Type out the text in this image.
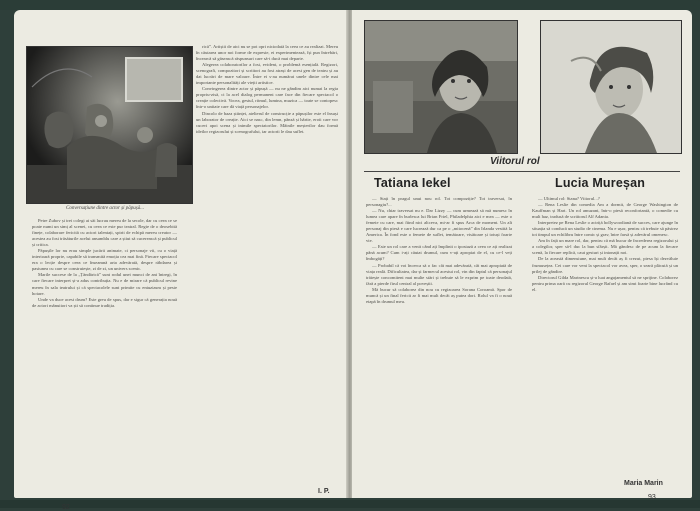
Conversațiune dintre actor și păpușă...

Petre Zubov și trei colegi ai săi lucrau mereu de la secole, dar cu ceea ce se poate numi un simț al scenei, cu ceea ce este pur teatral. Regie de o deosebită finețe, colaborare fericită cu actori talentați, spirit de echipă mereu creator — acestea au fost trăsăturile acelui ansamblu care a știut să cucerească și publicul și critica.

Păpușile lor nu erau simple jucării animate, ci personaje vii, cu o viață interioară proprie, capabile să transmită emoția cea mai fină. Fiecare spectacol era o lecție despre ceea ce înseamnă arta adevărată, despre răbdarea și pasiunea cu care se construiește, zi de zi, un univers scenic.

Marile succese de la „Țăndărică” sunt rodul unei munci de ani întregi, în care fiecare interpret și-a adus contribuția. Nu e de mirare că publicul revine mereu în sala teatrului și că spectacolele sunt primite cu entuziasm și peste hotare.

Unde va duce acest drum? Este greu de spus, dar e sigur că generația nouă de actori mânuitori va ști să continue tradiția.

rică”. Artiștii de aici nu se pot opri niciodată la ceea ce au realizat. Mereu în căutarea unor noi forme de expresie, ei experimentează, își pun întrebări, încearcă să găsească răspunsuri care să-i ducă mai departe.

Alegerea colaboratorilor a fost, evident, o problemă esențială. Regizori, scenografi, compozitori și scriitori au fost atrași de acest gen de teatru și au dat lucrări de mare valoare. Între ei s-au numărat unele dintre cele mai importante personalități ale vieții artistice.

Convingerea dintre actor și păpușă — nu ne gândim aici numai la regia propriu-zisă, ci la acel dialog permanent care face din fiecare spectacol o creație colectivă. Vocea, gestul, ritmul, lumina, muzica — toate se contopesc într-o unitate care dă viață personajelor.

Dincolo de baza științei, atelierul de construcție a păpușilor este el însuși un laborator de creație. Aici se nasc, din lemn, pânză și hârtie, eroii care vor cuceri apoi scena și inimile spectatorilor. Mâinile meșterilor dau formă ideilor regizorului și scenografului, iar actorii le dau suflet.

I. P.
92
Viitorul rol
Tatiana Iekel	Lucia Mureșan

— Stați în pragul unui nou rol. Tot compoziție? Tot traversat, în personagiu?...

— Nu, chiar traversat nu e. Dar Lizzy — cum urmează să mă numesc în lumea care apare în burlesca lui Brian Friel, Philadelphia aici e mea — este o femeie cu care, mai fiind nici altceva, mi-ar fi spus Arca de moment. Un alt personaj din piesă e care lucrează dur ca pe o „mitocenă” din Irlanda vestită la America. În fond este o femeie de suflet, temătoare, visătoare și totuși foarte vie.

— Este un rol care a venit când ați împlinit o ipostază a ceea ce ați realizat până acum? Cum i-ați căutat drumul, cum v-ați apropiat de el, cu ce-l veți îmbogăți?

— Probabil că voi încerca să o fac cât mai adevărată, cât mai apropiată de viața reală. Dificultatea, dar și farmecul acestui rol, vin din faptul că personajul trăiește concomitent mai multe stări și trebuie să le exprim pe toate deodată, fără a pierde firul central al poveștii.

Mă bucur să colaborez din nou cu regizoarea Sorana Coroamă. Spor de muncă și un final fericit ar fi mai mult decât aș putea dori. Rolul va fi o nouă etapă în drumul meu.

— Ultimul rol: Stana? Viitorul...?

— Rena Leslie din comedia Am a dormit, de George Washington de Kauffman și Hart. Un rol amuzant, într-o piesă reconfortantă, o comedie cu mult haz, tradusă de scriitorul Alf Adania.

Interpretez pe Rena Leslie o actriță hollywoodiană de succes, care ajunge în situația să conducă un studio de cinema. Nu e ușor, pentru că trebuie să păstrez tot timpul un echilibru între comic și grav, între farsă și adevărul omenesc.

Am în față un mare rol, dar, pentru că mă bucur de încrederea regizorului și a colegilor, sper să-l duc la bun sfârșit. Mă gândesc de pe acum la fiecare scenă, la fiecare replică, caut gesturi și intonații noi.

De la această dimensiune, mai mult decât aș fi crezut, piesa își dezvăluie frumusețea. Cei care vor veni la spectacol vor avea, sper, o seară plăcută și un prilej de gândire.

Directorul Gilda Marinescu și-a luat angajamentul să ne sprijine. Colaborez pentru prima oară cu regizorul George Rafael și am simt foarte bine lucrând cu el.

Maria Marin
93
